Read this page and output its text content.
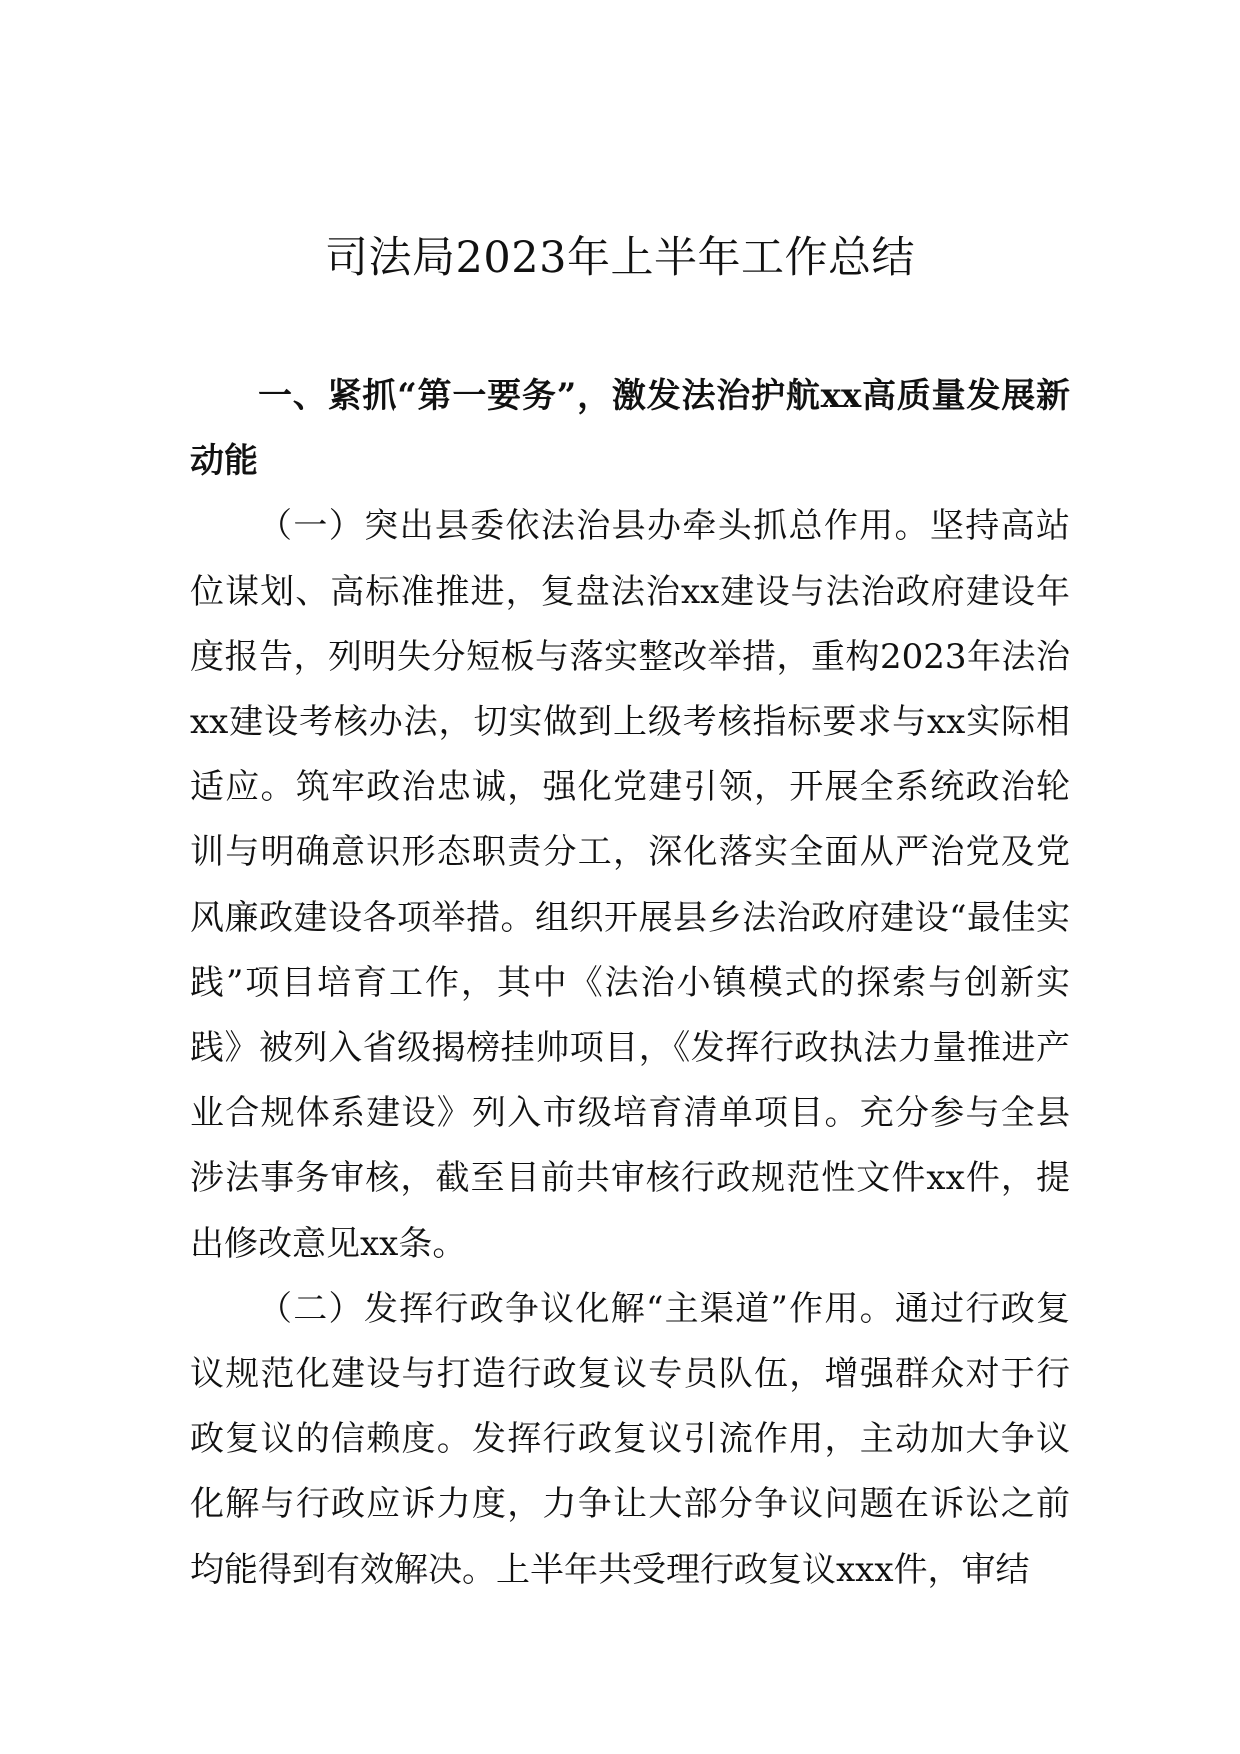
司法局2023年上半年工作总结

一、紧抓“第一要务”，激发法治护航xx高质量发展新动能

（一）突出县委依法治县办牵头抓总作用。坚持高站位谋划、高标准推进，复盘法治xx建设与法治政府建设年度报告，列明失分短板与落实整改举措，重构2023年法治xx建设考核办法，切实做到上级考核指标要求与xx实际相适应。筑牢政治忠诚，强化党建引领，开展全系统政治轮训与明确意识形态职责分工，深化落实全面从严治党及党风廉政建设各项举措。组织开展县乡法治政府建设“最佳实践”项目培育工作，其中《法治小镇模式的探索与创新实践》被列入省级揭榜挂帅项目，《发挥行政执法力量推进产业合规体系建设》列入市级培育清单项目。充分参与全县涉法事务审核，截至目前共审核行政规范性文件xx件，提出修改意见xx条。

（二）发挥行政争议化解“主渠道”作用。通过行政复议规范化建设与打造行政复议专员队伍，增强群众对于行政复议的信赖度。发挥行政复议引流作用，主动加大争议化解与行政应诉力度，力争让大部分争议问题在诉讼之前均能得到有效解决。上半年共受理行政复议xxx件，审结
